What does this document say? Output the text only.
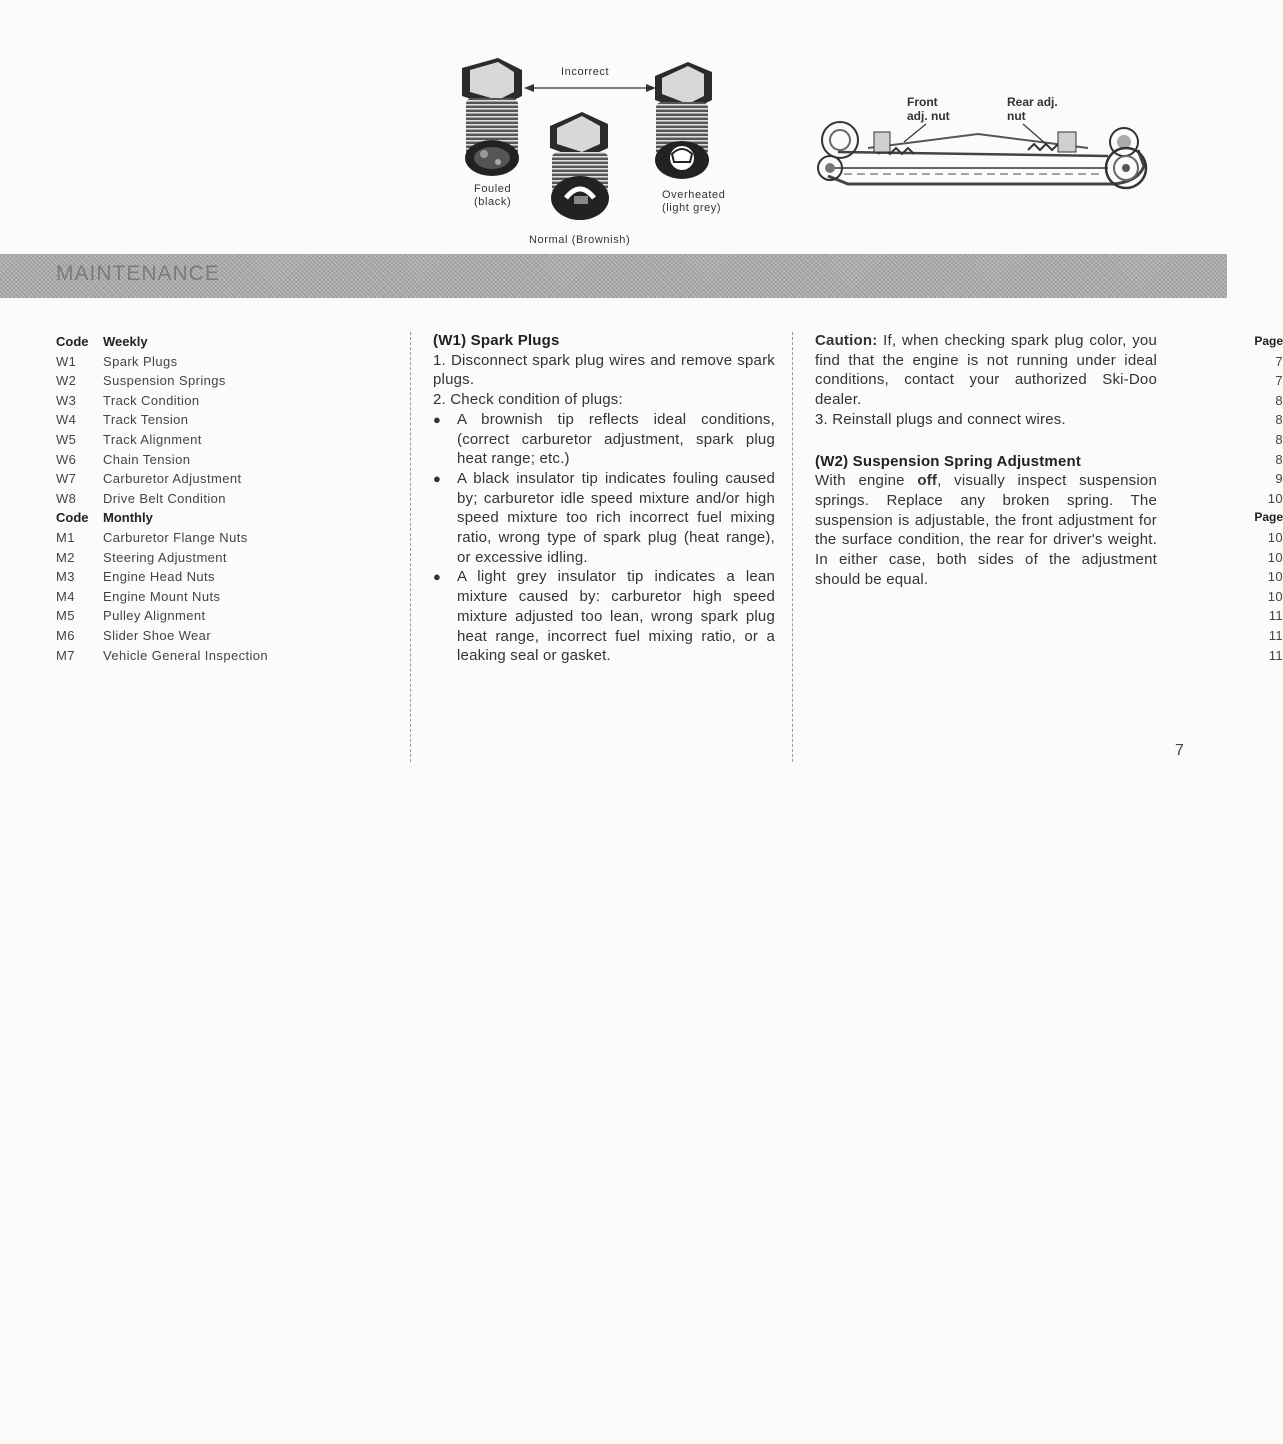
Incorrect
Fouled
(black)
Overheated
(light grey)
Normal (Brownish)
Front
adj. nut
Rear adj.
nut
MAINTENANCE
Code	Weekly	Page
W1	Spark Plugs	7
W2	Suspension Springs	7
W3	Track Condition	8
W4	Track Tension	8
W5	Track Alignment	8
W6	Chain Tension	8
W7	Carburetor Adjustment	9
W8	Drive Belt Condition	10
Code	Monthly	Page
M1	Carburetor Flange Nuts	10
M2	Steering Adjustment	10
M3	Engine Head Nuts	10
M4	Engine Mount Nuts	10
M5	Pulley Alignment	11
M6	Slider Shoe Wear	11
M7	Vehicle General Inspection	11
(W1) Spark Plugs

1. Disconnect spark plug wires and remove spark plugs.

2. Check condition of plugs:

● A brownish tip reflects ideal conditions, (correct carburetor adjustment, spark plug heat range; etc.)
● A black insulator tip indicates fouling caused by; carburetor idle speed mixture and/or high speed mixture too rich incorrect fuel mixing ratio, wrong type of spark plug (heat range), or excessive idling.
● A light grey insulator tip indicates a lean mixture caused by: carburetor high speed mixture adjusted too lean, wrong spark plug heat range, incorrect fuel mixing ratio, or a leaking seal or gasket.

Caution: If, when checking spark plug color, you find that the engine is not running under ideal conditions, contact your authorized Ski-Doo dealer.

3. Reinstall plugs and connect wires.

(W2) Suspension Spring Adjustment

With engine off, visually inspect suspension springs. Replace any broken spring. The suspension is adjustable, the front adjustment for the surface condition, the rear for driver's weight. In either case, both sides of the adjustment should be equal.

7
